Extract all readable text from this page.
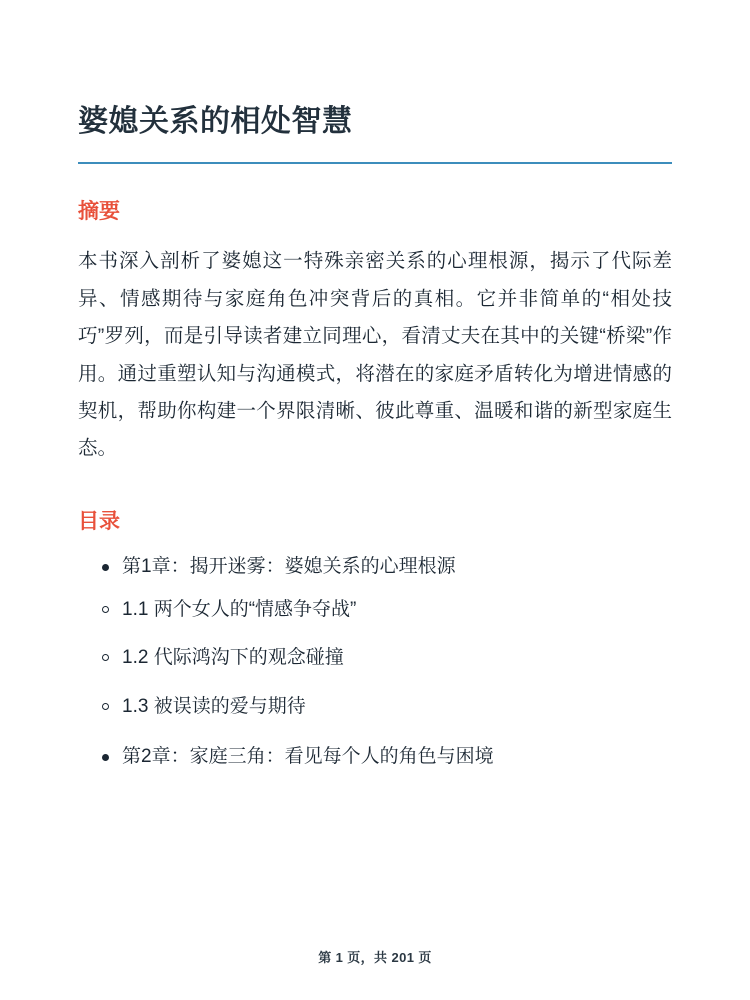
婆媳关系的相处智慧
摘要

本书深入剖析了婆媳这一特殊亲密关系的心理根源，揭示了代际差异、情感期待与家庭角色冲突背后的真相。它并非简单的“相处技巧”罗列，而是引导读者建立同理心，看清丈夫在其中的关键“桥梁”作用。通过重塑认知与沟通模式，将潜在的家庭矛盾转化为增进情感的契机，帮助你构建一个界限清晰、彼此尊重、温暖和谐的新型家庭生态。

目录
第1章：揭开迷雾：婆媳关系的心理根源
1.1 两个女人的“情感争夺战”
1.2 代际鸿沟下的观念碰撞
1.3 被误读的爱与期待
第2章：家庭三角：看见每个人的角色与困境
第 1 页，共 201 页
